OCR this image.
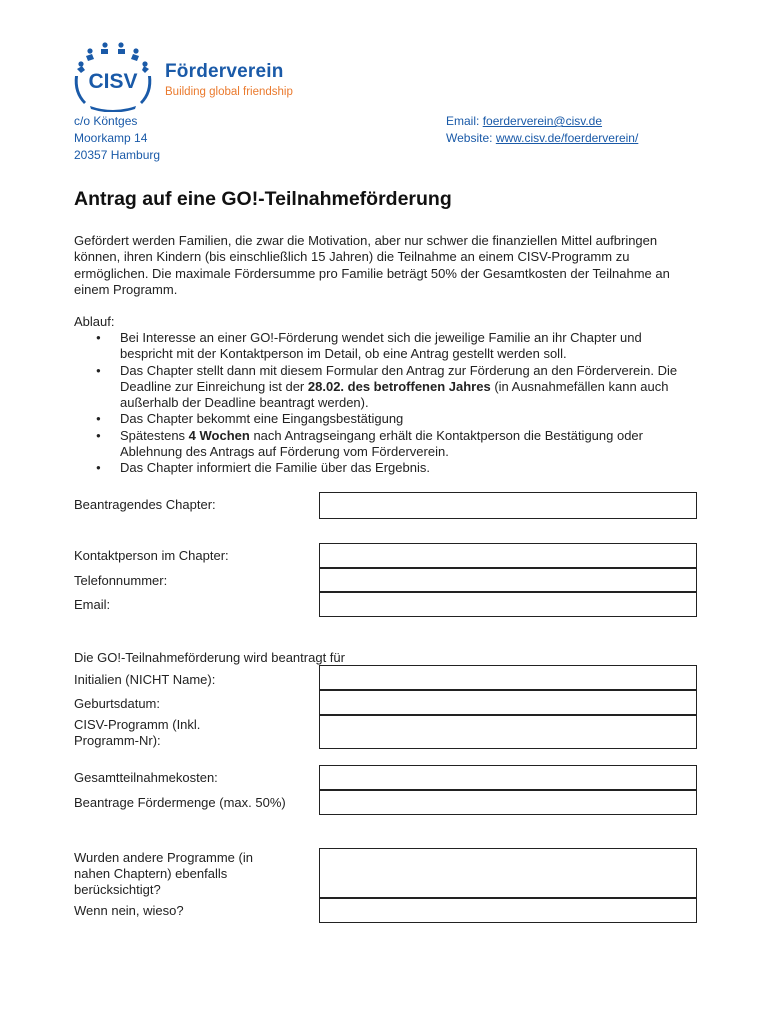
CISV Förderverein
Building global friendship
c/o Köntges
Moorkamp 14
20357 Hamburg
Email: foerderverein@cisv.de
Website: www.cisv.de/foerderverein/
Antrag auf eine GO!-Teilnahmeförderung
Gefördert werden Familien, die zwar die Motivation, aber nur schwer die finanziellen Mittel aufbringen können, ihren Kindern (bis einschließlich 15 Jahren) die Teilnahme an einem CISV-Programm zu ermöglichen. Die maximale Fördersumme pro Familie beträgt 50% der Gesamtkosten der Teilnahme an einem Programm.
Ablauf:
● Bei Interesse an einer GO!-Förderung wendet sich die jeweilige Familie an ihr Chapter und bespricht mit der Kontaktperson im Detail, ob eine Antrag gestellt werden soll.
● Das Chapter stellt dann mit diesem Formular den Antrag zur Förderung an den Förderverein. Die Deadline zur Einreichung ist der 28.02. des betroffenen Jahres (in Ausnahmefällen kann auch außerhalb der Deadline beantragt werden).
● Das Chapter bekommt eine Eingangsbestätigung
● Spätestens 4 Wochen nach Antragseingang erhält die Kontaktperson die Bestätigung oder Ablehnung des Antrags auf Förderung vom Förderverein.
● Das Chapter informiert die Familie über das Ergebnis.
Beantragendes Chapter:
Kontaktperson im Chapter:
Telefonnummer:
Email:
Die GO!-Teilnahmeförderung wird beantragt für
Initialien (NICHT Name):
Geburtsdatum:
CISV-Programm (Inkl. Programm-Nr):
Gesamtteilnahmekosten:
Beantrage Fördermenge (max. 50%)
Wurden andere Programme (in nahen Chaptern) ebenfalls berücksichtigt?
Wenn nein, wieso?
